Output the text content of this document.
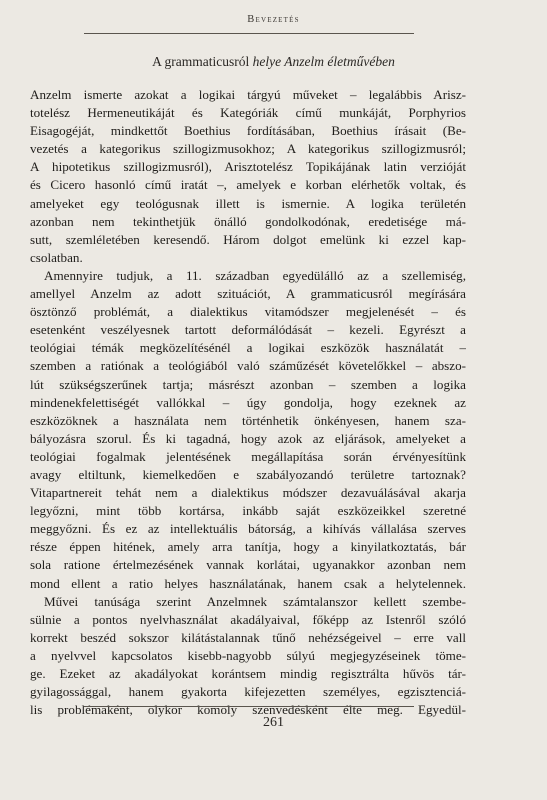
Bevezetés
A grammaticusról helye Anzelm életművében
Anzelm ismerte azokat a logikai tárgyú műveket – legalábbis Arisz-
totelész Hermeneutikáját és Kategóriák című munkáját, Porphyrios
Eisagogéját, mindkettőt Boethius fordításában, Boethius írásait (Be-
vezetés a kategorikus szillogizmusokhoz; A kategorikus szillogizmusról;
A hipotetikus szillogizmusról), Arisztotelész Topikájának latin verzióját
és Cicero hasonló című iratát –, amelyek e korban elérhetők voltak, és
amelyeket egy teológusnak illett is ismernie. A logika területén
azonban nem tekinthetjük önálló gondolkodónak, eredetisége má-
sutt, szemléletében keresendő. Három dolgot emelünk ki ezzel kap-
csolatban.
Amennyire tudjuk, a 11. században egyedülálló az a szellemiség,
amellyel Anzelm az adott szituációt, A grammaticusról megírására
ösztönző problémát, a dialektikus vitamódszer megjelenését – és
esetenként veszélyesnek tartott deformálódását – kezeli. Egyrészt a
teológiai témák megközelítésénél a logikai eszközök használatát –
szemben a ratiónak a teológiából való száműzését követelőkkel – abszo-
lút szükségszerűnek tartja; másrészt azonban – szemben a logika
mindenekfelettiségét vallókkal – úgy gondolja, hogy ezeknek az
eszközöknek a használata nem történhetik önkényesen, hanem sza-
bályozásra szorul. És ki tagadná, hogy azok az eljárások, amelyeket a
teológiai fogalmak jelentésének megállapítása során érvényesítünk
avagy eltiltunk, kiemelkedően e szabályozandó területre tartoznak?
Vitapartnereit tehát nem a dialektikus módszer dezavuálásával akarja
legyőzni, mint több kortársa, inkább saját eszközeikkel szeretné
meggyőzni. És ez az intellektuális bátorság, a kihívás vállalása szerves
része éppen hitének, amely arra tanítja, hogy a kinyilatkoztatás, bár
sola ratione értelmezésének vannak korlátai, ugyanakkor azonban nem
mond ellent a ratio helyes használatának, hanem csak a helytelennek.
Művei tanúsága szerint Anzelmnek számtalanszor kellett szembe-
sülnie a pontos nyelvhasználat akadályaival, főképp az Istenről szóló
korrekt beszéd sokszor kilátástalannak tűnő nehézségeivel – erre vall
a nyelvvel kapcsolatos kisebb-nagyobb súlyú megjegyzéseinek töme-
ge. Ezeket az akadályokat korántsem mindig regisztrálta hűvös tár-
gyilagossággal, hanem gyakorta kifejezetten személyes, egzisztenciá-
lis problémaként, olykor komoly szenvedésként élte meg. Egyedül-
261
